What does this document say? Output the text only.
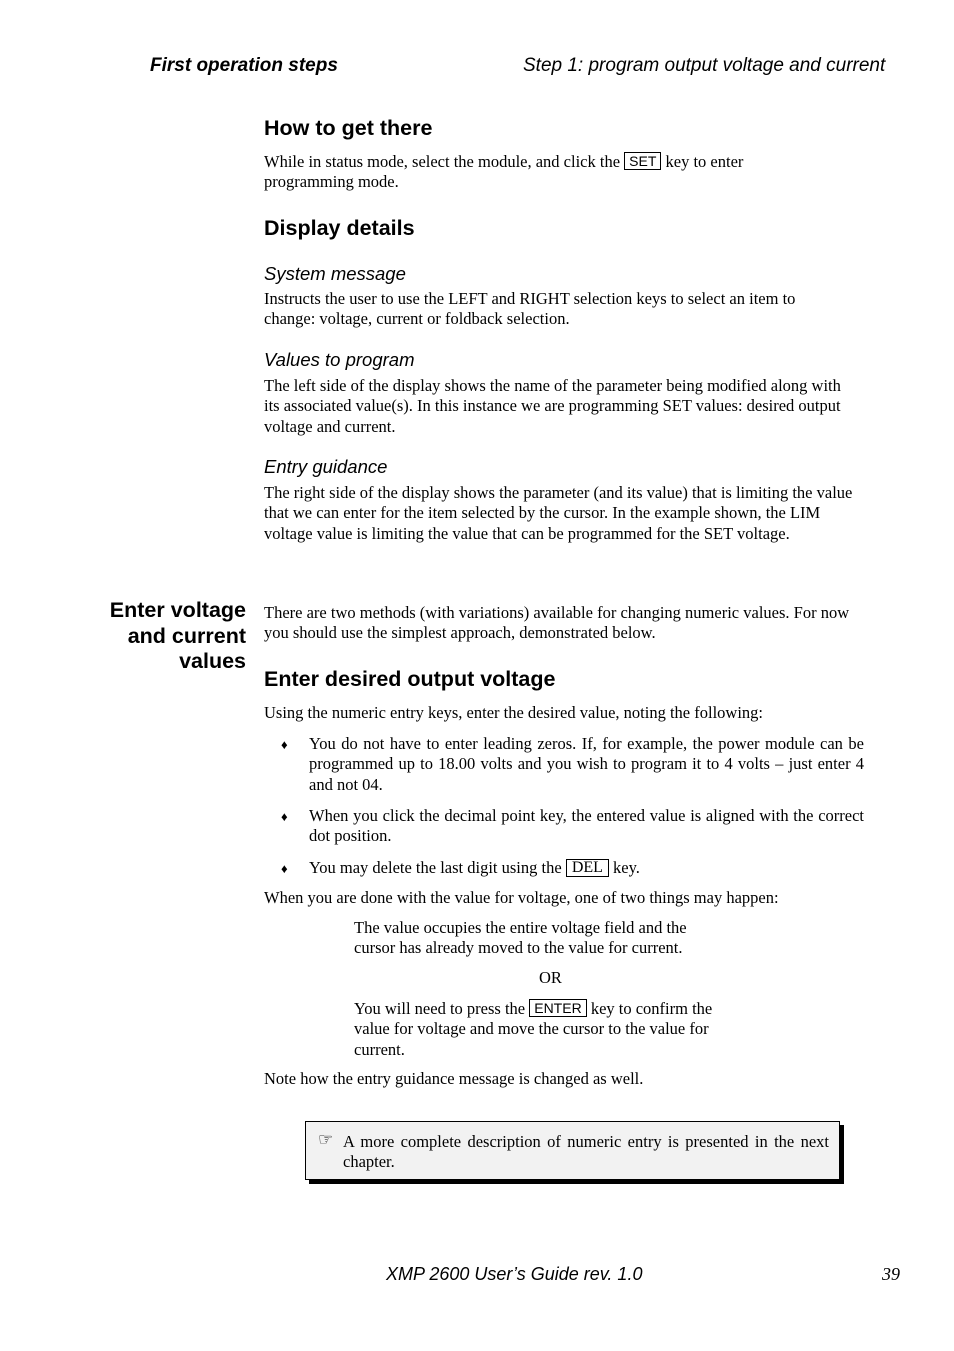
First operation steps	Step 1: program output voltage and current
How to get there
While in status mode, select the module, and click the SET key to enter
programming mode.
Display details
System message
Instructs the user to use the LEFT and RIGHT selection keys to select an item to change: voltage, current or foldback selection.
Values to program
The left side of the display shows the name of the parameter being modified along with its associated value(s). In this instance we are programming SET values: desired output voltage and current.
Entry guidance
The right side of the display shows the parameter (and its value) that is limiting the value that we can enter for the item selected by the cursor. In the example shown, the LIM voltage value is limiting the value that can be programmed for the SET voltage.
Enter voltage
and current
values
There are two methods (with variations) available for changing numeric values. For now you should use the simplest approach, demonstrated below.
Enter desired output voltage
Using the numeric entry keys, enter the desired value, noting the following:
♦ You do not have to enter leading zeros. If, for example, the power module can be programmed up to 18.00 volts and you wish to program it to 4 volts – just enter 4 and not 04.
♦ When you click the decimal point key, the entered value is aligned with the correct dot position.
♦ You may delete the last digit using the DEL key.
When you are done with the value for voltage, one of two things may happen:
The value occupies the entire voltage field and the cursor has already moved to the value for current.
OR
You will need to press the ENTER key to confirm the
value for voltage and move the cursor to the value for current.
Note how the entry guidance message is changed as well.
☞ A more complete description of numeric entry is presented in the next chapter.
XMP 2600 User’s Guide rev. 1.0	39
